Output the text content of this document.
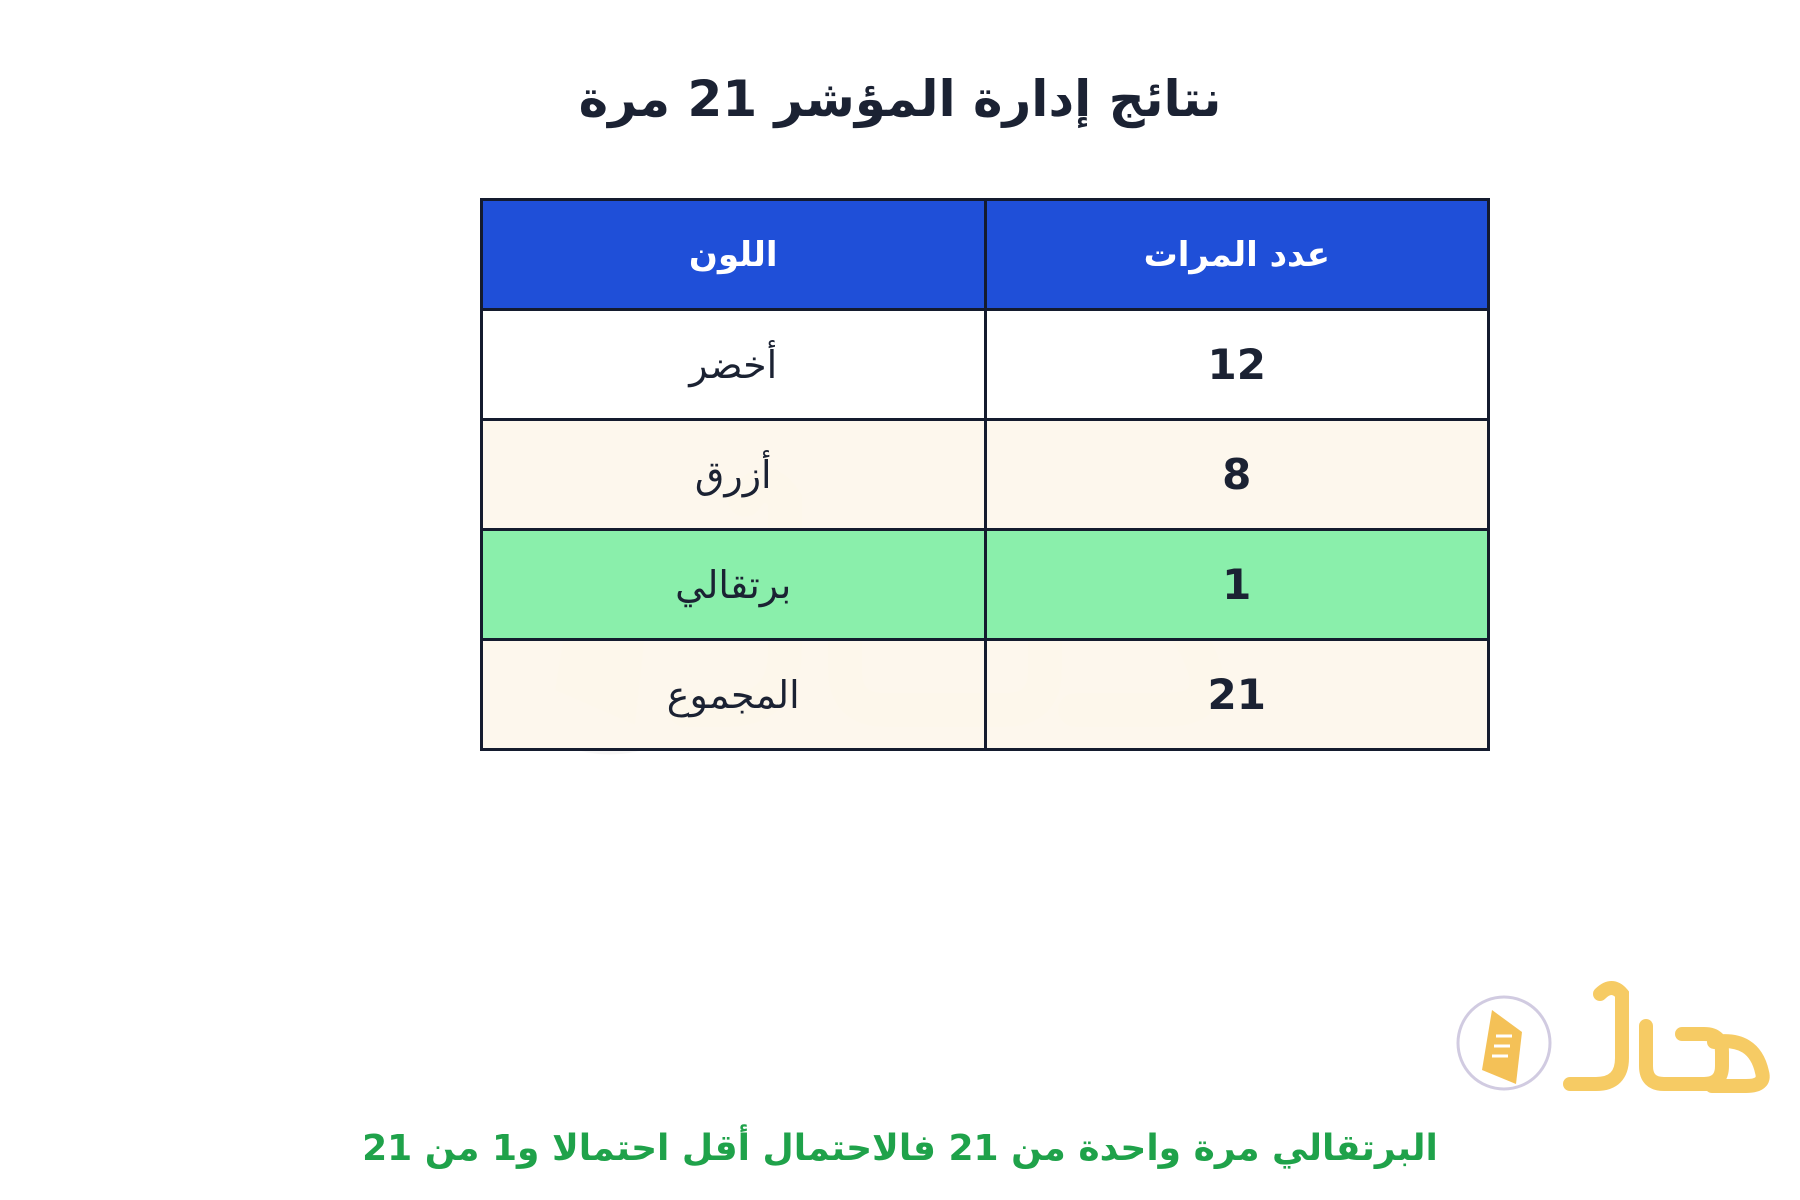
نتائج إدارة المؤشر 21 مرة
عدد المرات	اللون
12	أخضر
8	أزرق
1	برتقالي
21	المجموع
البرتقالي مرة واحدة من 21 فالاحتمال أقل احتمالا و1 من 21
